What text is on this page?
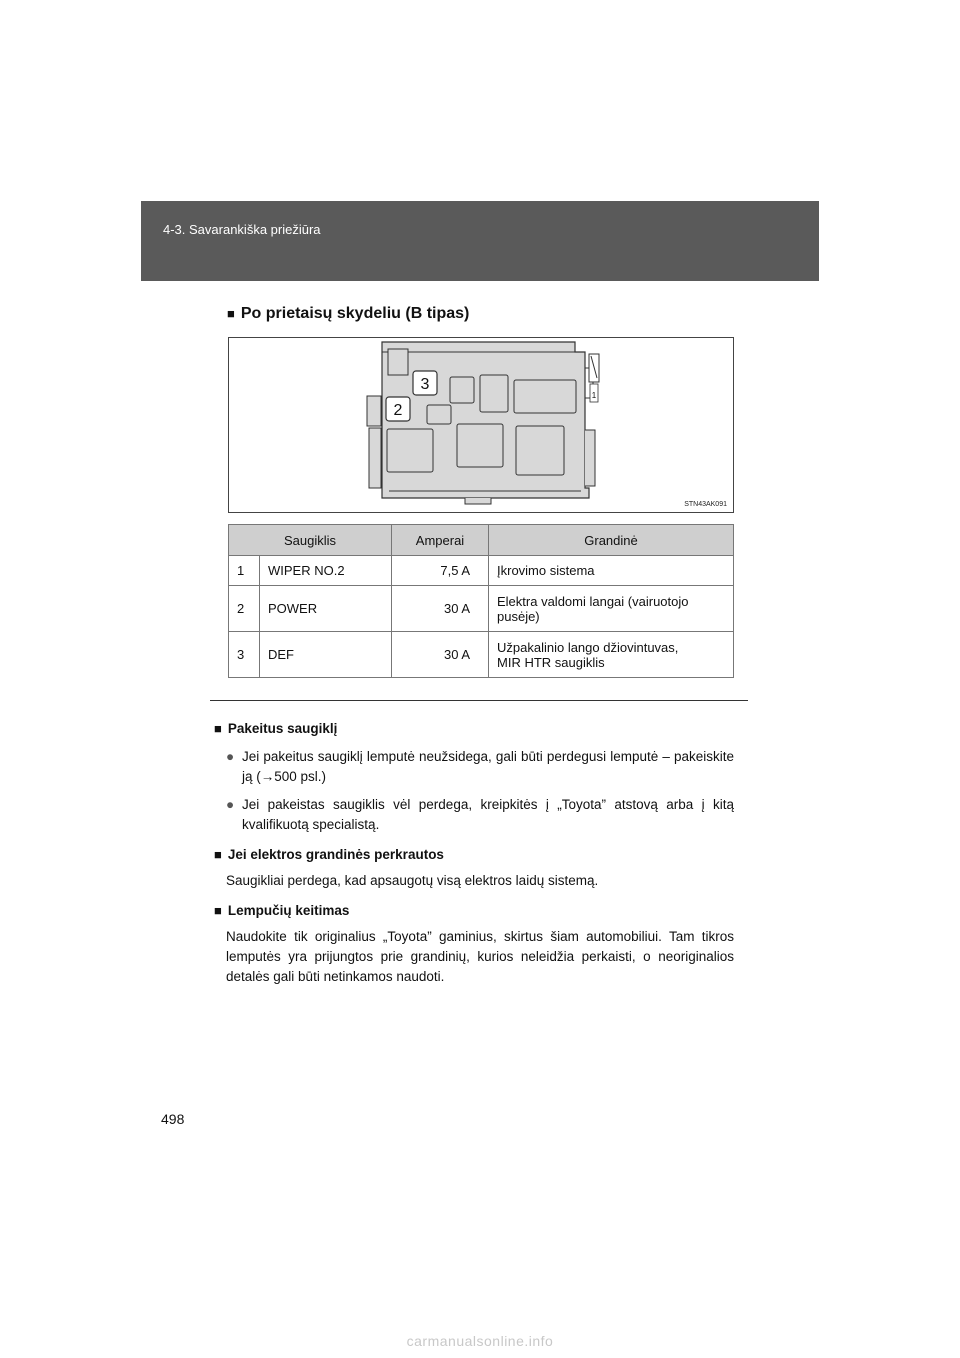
4-3. Savarankiška priežiūra
■ Po prietaisų skydeliu (B tipas)
3
2
1
STN43AK091
Saugiklis		Amperai	Grandinė
1	WIPER NO.2	7,5 A	Įkrovimo sistema
2	POWER	30 A	Elektra valdomi langai (vairuotojo
pusėje)

3	DEF	30 A	Užpakalinio lango džiovintuvas,
MIR HTR saugiklis
■ Pakeitus saugiklį
● Jei pakeitus saugiklį lemputė neužsidega, gali būti perdegusi lemputė – pakeiskite ją (→500 psl.)
● Jei pakeistas saugiklis vėl perdega, kreipkitės į „Toyota” atstovą arba į kitą kvalifikuotą specialistą.
■ Jei elektros grandinės perkrautos
Saugikliai perdega, kad apsaugotų visą elektros laidų sistemą.
■ Lempučių keitimas
Naudokite tik originalius „Toyota” gaminius, skirtus šiam automobiliui. Tam tikros lemputės yra prijungtos prie grandinių, kurios neleidžia perkaisti, o neoriginalios detalės gali būti netinkamos naudoti.
498
carmanualsonline.info
